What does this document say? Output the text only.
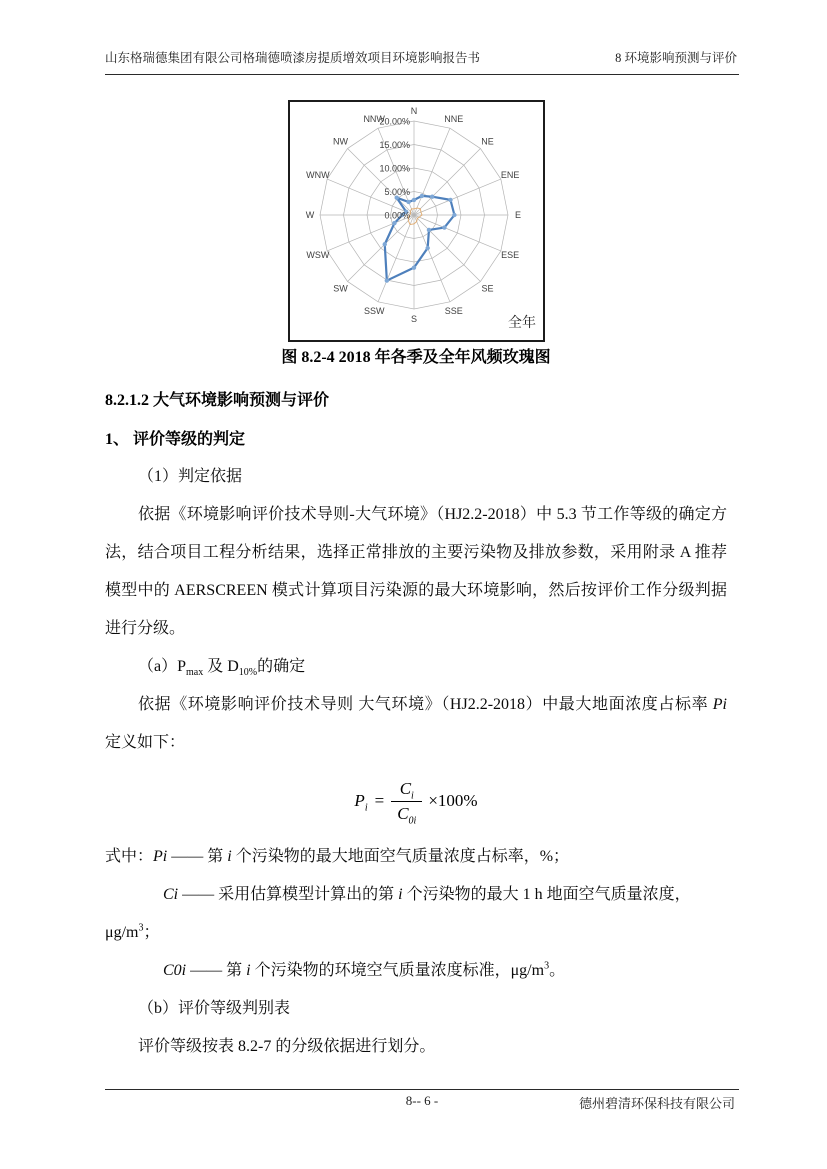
山东格瑞德集团有限公司格瑞德喷漆房提质增效项目环境影响报告书	8 环境影响预测与评价
N
NNE
NE
ENE
E
ESE
SE
SSE
S
SSW
SW
WSW
W
WNW
NW
NNW
0.00%
5.00%
10.00%
15.00%
20.00%
全年
图 8.2-4 2018 年各季及全年风频玫瑰图
8.2.1.2 大气环境影响预测与评价
1、 评价等级的判定

（1）判定依据

依据《环境影响评价技术导则-大气环境》（HJ2.2-2018）中 5.3 节工作等级的确定方法，结合项目工程分析结果，选择正常排放的主要污染物及排放参数，采用附录 A 推荐模型中的 AERSCREEN 模式计算项目污染源的最大环境影响，然后按评价工作分级判据进行分级。

$(a)P_{max}$ 及 $D_{10\%}$的确定

依据《环境影响评价技术导则 大气环境》（HJ2.2-2018）中最大地面浓度占标率 Pi 定义如下：

$P_i = \frac{C_i}{C_{0i}} \times 100\%$

式中：Pi —— 第 i 个污染物的最大地面空气质量浓度占标率，%；

Ci —— 采用估算模型计算出的第 i 个污染物的最大 1 h 地面空气质量浓度，

$\mu g/m^3$；

C0i —— 第 i 个污染物的环境空气质量浓度标准，$\mu g/m^3$。

（b）评价等级判别表

评价等级按表 8.2-7 的分级依据进行划分。

8-- 6 -	德州碧清环保科技有限公司
